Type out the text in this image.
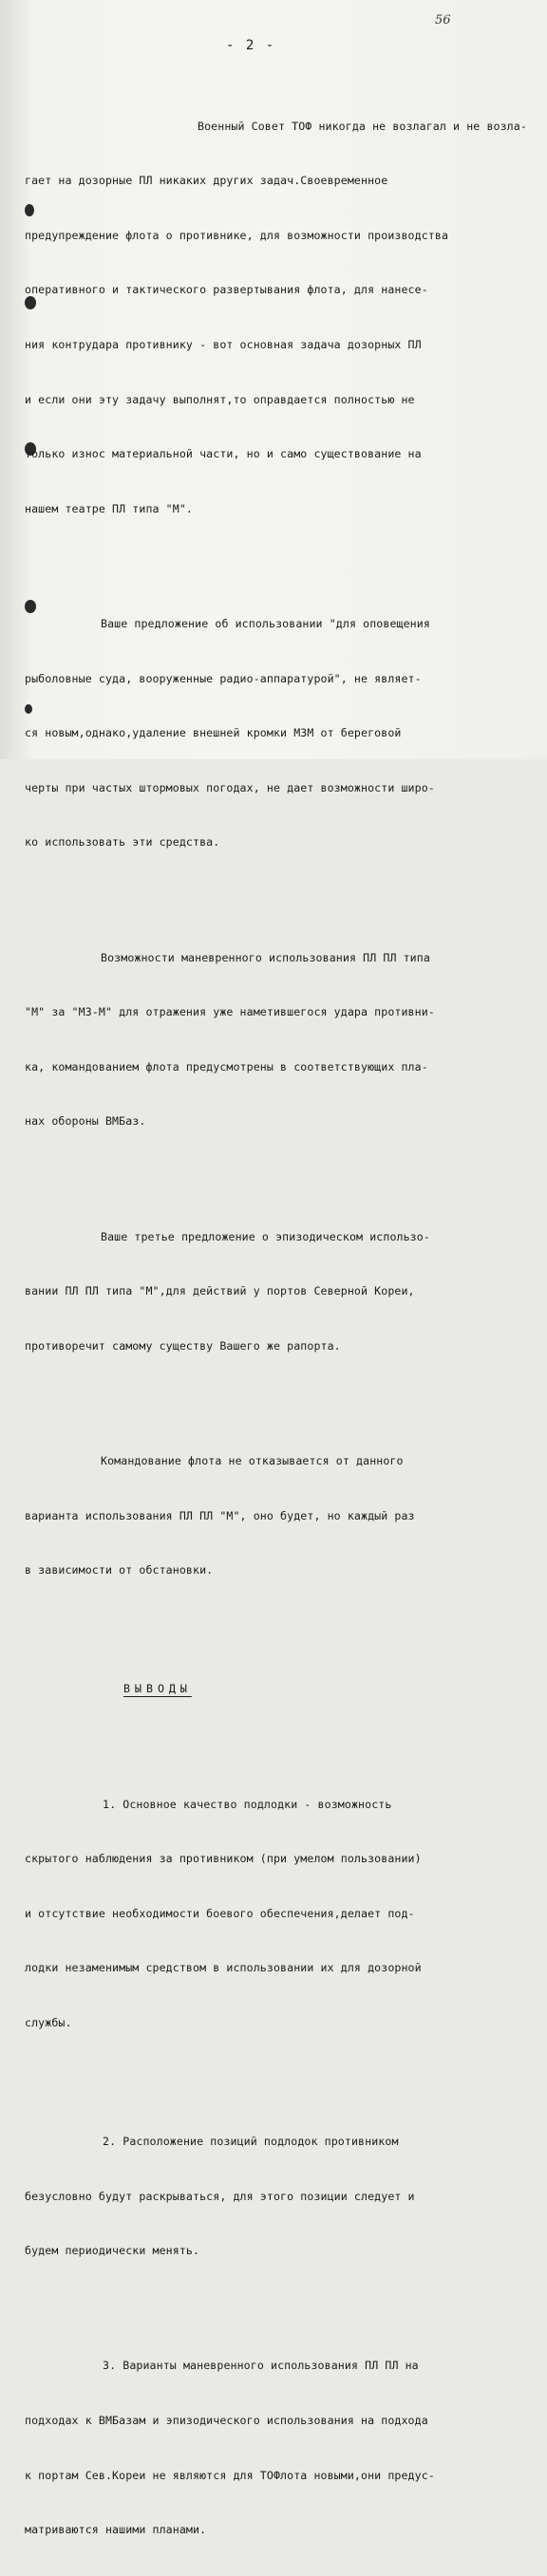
56
- 2 -

Военный Совет ТОФ никогда не возлагал и не возла-

гает на дозорные ПЛ никаких других задач.Своевременное

предупреждение флота о противнике, для возможности производства

оперативного и тактического развертывания флота, для нанесе-

ния контрудара противнику - вот основная задача дозорных ПЛ

и если они эту задачу выполнят,то оправдается полностью не

только износ материальной части, но и само существование на

нашем театре ПЛ типа "М".

Ваше предложение об использовании "для оповещения

рыболовные суда, вооруженные радио-аппаратурой", не являет-

ся новым,однако,удаление внешней кромки МЗМ от береговой

черты при частых штормовых погодах, не дает возможности широ-

ко использовать эти средства.

Возможности маневренного использования ПЛ ПЛ типа

"М" за "МЗ-М" для отражения уже наметившегося удара противни-

ка, командованием флота предусмотрены в соответствующих пла-

нах обороны ВМБаз.

Ваше третье предложение о эпизодическом использо-

вании ПЛ ПЛ типа "М",для действий у портов Северной Кореи,

противоречит самому существу Вашего же рапорта.

Командование флота не отказывается от данного

варианта использования ПЛ ПЛ "М", оно будет, но каждый раз

в зависимости от обстановки.

ВЫВОДЫ

1. Основное качество подлодки - возможность

скрытого наблюдения за противником (при умелом пользовании)

и отсутствие необходимости боевого обеспечения,делает под-

лодки незаменимым средством в использовании их для дозорной

службы.

2. Расположение позиций подлодок противником

безусловно будут раскрываться, для этого позиции следует и

будем периодически менять.

3. Варианты маневренного использования ПЛ ПЛ на

подходах к ВМБазам и эпизодического использования на подхода

к портам Сев.Кореи не являются для ТОФлота новыми,они предус-

матриваются нашими планами.
